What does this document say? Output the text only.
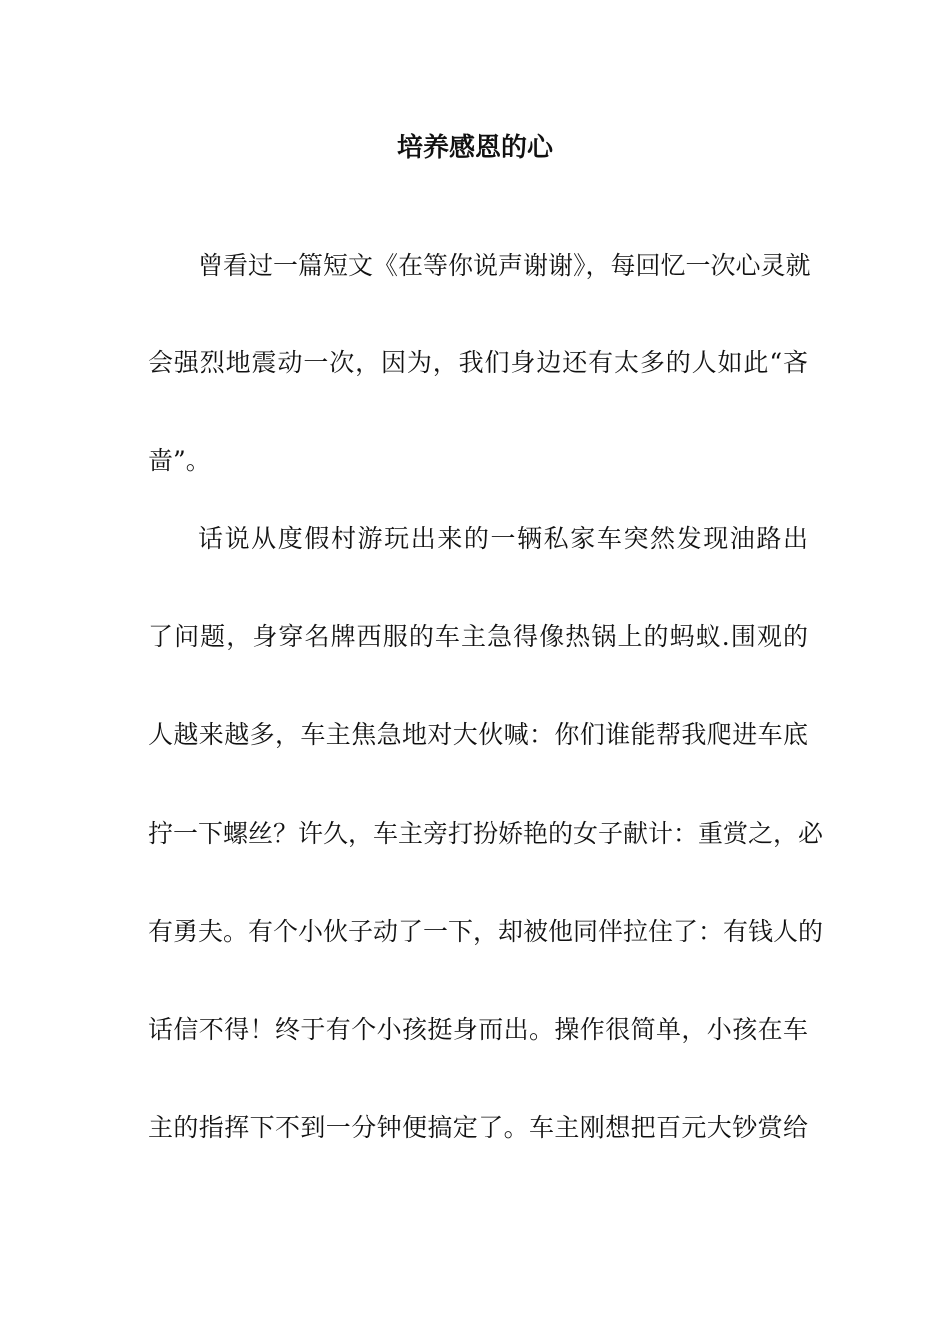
培养感恩的心
曾看过一篇短文《在等你说声谢谢》，每回忆一次心灵就
会强烈地震动一次，因为，我们身边还有太多的人如此“吝
啬”。
话说从度假村游玩出来的一辆私家车突然发现油路出
了问题，身穿名牌西服的车主急得像热锅上的蚂蚁.围观的
人越来越多，车主焦急地对大伙喊：你们谁能帮我爬进车底
拧一下螺丝？许久，车主旁打扮娇艳的女子献计：重赏之，必
有勇夫。有个小伙子动了一下，却被他同伴拉住了：有钱人的
话信不得！终于有个小孩挺身而出。操作很简单，小孩在车
主的指挥下不到一分钟便搞定了。车主刚想把百元大钞赏给
